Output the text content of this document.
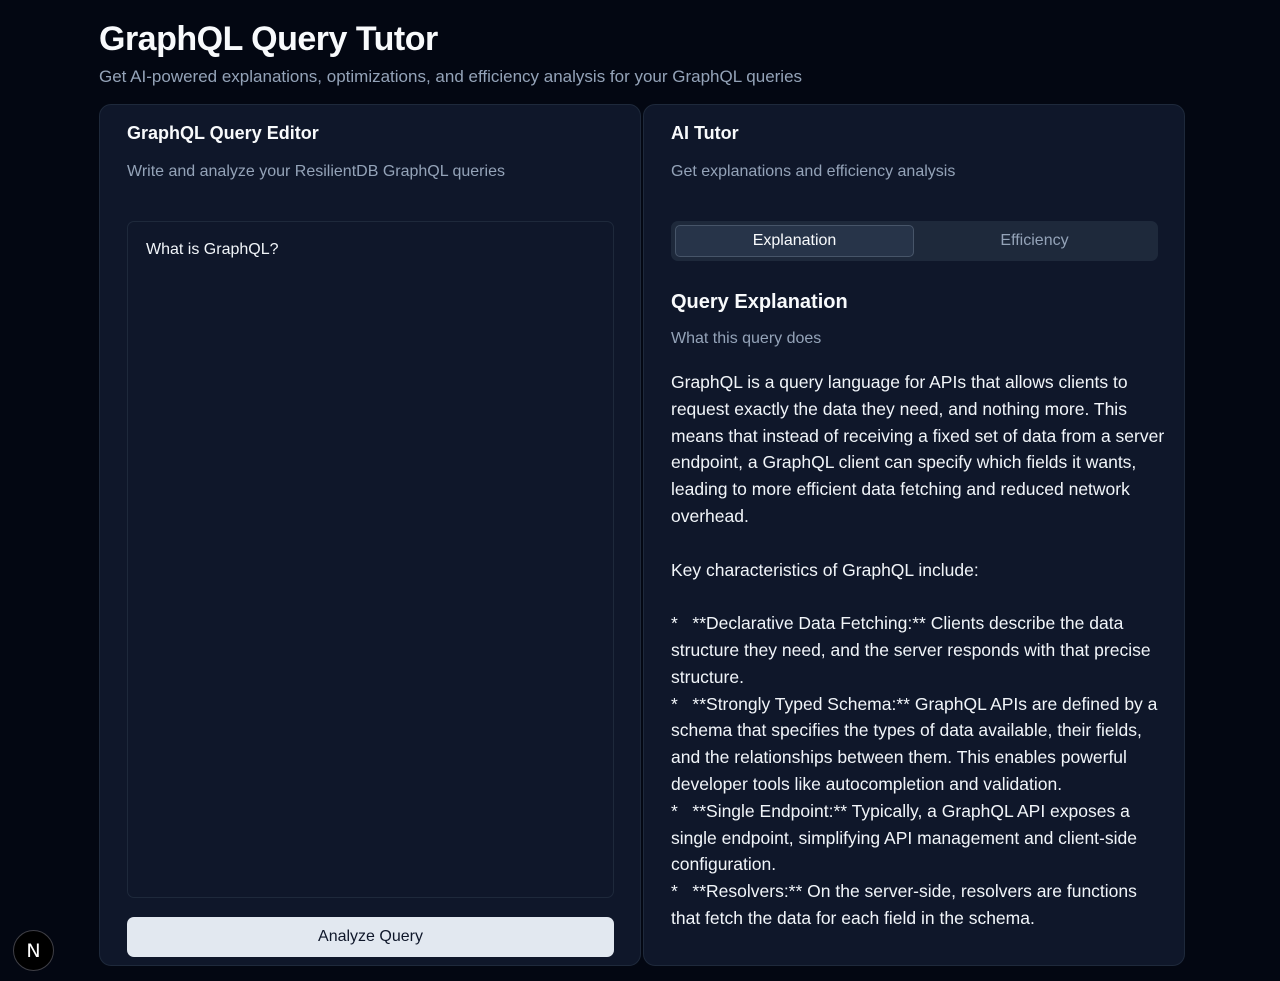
GraphQL Query Tutor
Get AI-powered explanations, optimizations, and efficiency analysis for your GraphQL queries
GraphQL Query Editor
Write and analyze your ResilientDB GraphQL queries
What is GraphQL?
Analyze Query
AI Tutor
Get explanations and efficiency analysis
Explanation	Efficiency
Query Explanation
What this query does
GraphQL is a query language for APIs that allows clients to request exactly the data they need, and nothing more. This means that instead of receiving a fixed set of data from a server endpoint, a GraphQL client can specify which fields it wants, leading to more efficient data fetching and reduced network overhead.

Key characteristics of GraphQL include:

*   **Declarative Data Fetching:** Clients describe the data structure they need, and the server responds with that precise structure.
*   **Strongly Typed Schema:** GraphQL APIs are defined by a schema that specifies the types of data available, their fields, and the relationships between them. This enables powerful developer tools like autocompletion and validation.
*   **Single Endpoint:** Typically, a GraphQL API exposes a single endpoint, simplifying API management and client-side configuration.
*   **Resolvers:** On the server-side, resolvers are functions that fetch the data for each field in the schema.
N
